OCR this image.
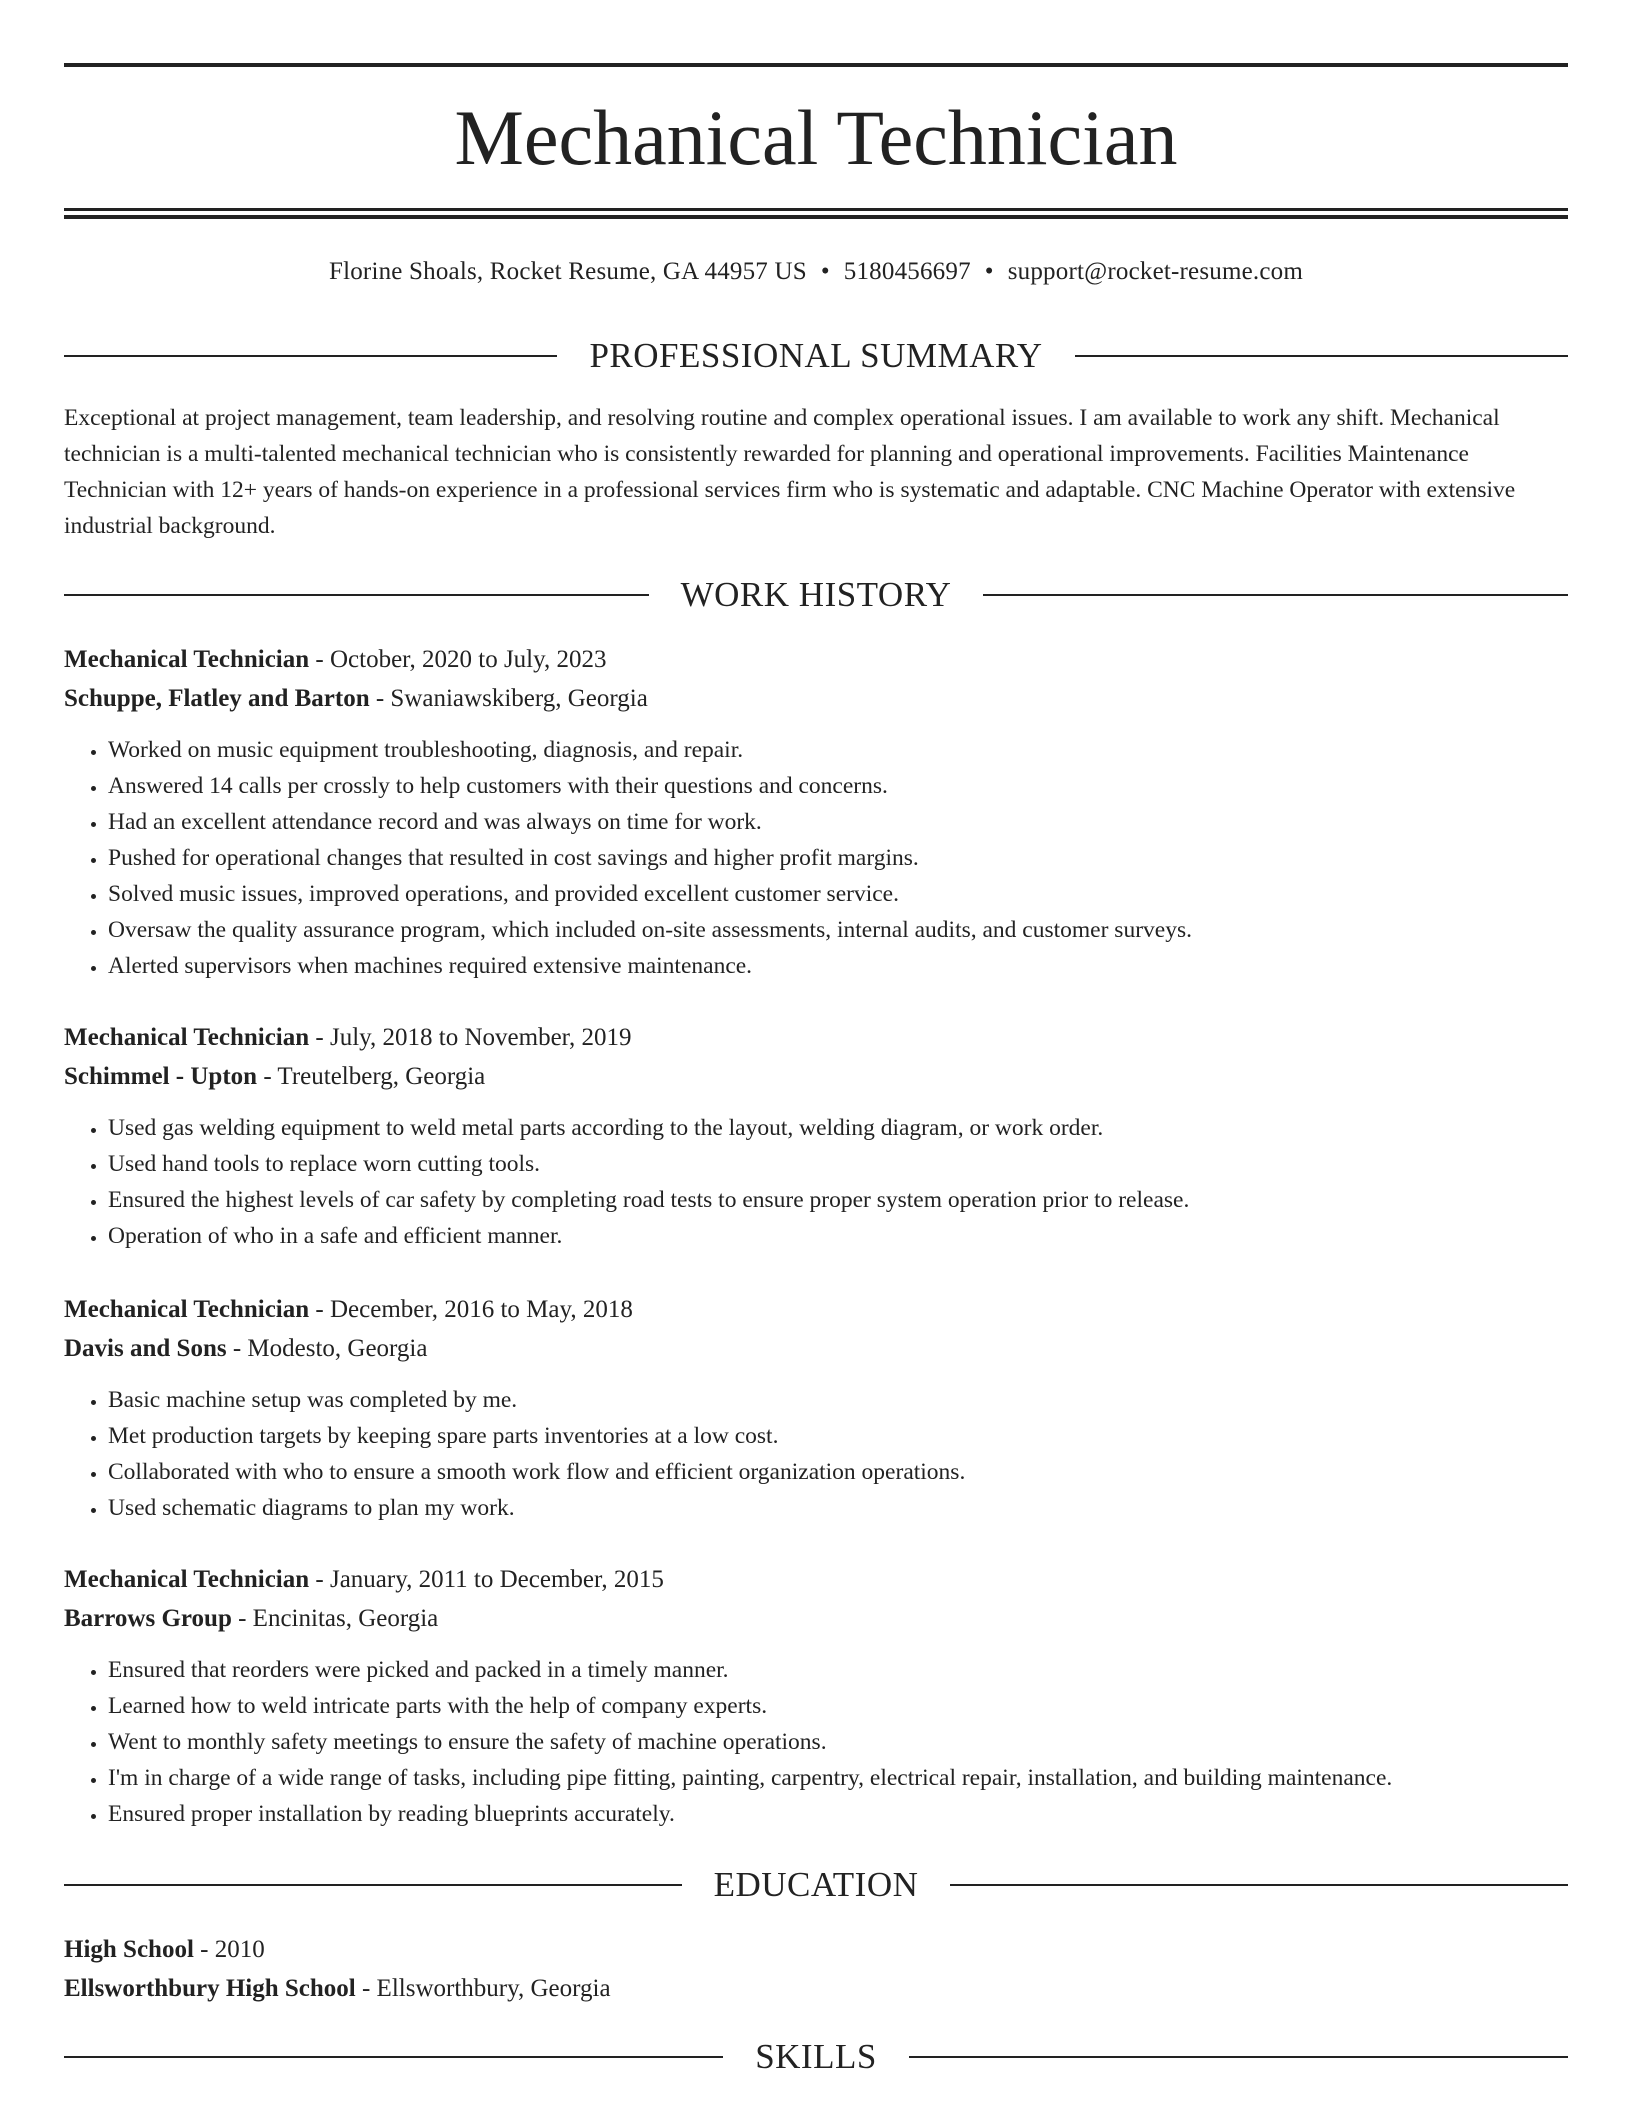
Mechanical Technician
Florine Shoals, Rocket Resume, GA 44957 US • 5180456697 • support@rocket-resume.com
PROFESSIONAL SUMMARY

Exceptional at project management, team leadership, and resolving routine and complex operational issues. I am available to work any shift. Mechanical technician is a multi-talented mechanical technician who is consistently rewarded for planning and operational improvements. Facilities Maintenance Technician with 12+ years of hands-on experience in a professional services firm who is systematic and adaptable. CNC Machine Operator with extensive industrial background.

WORK HISTORY
Mechanical Technician - October, 2020 to July, 2023
Schuppe, Flatley and Barton - Swaniawskiberg, Georgia
• Worked on music equipment troubleshooting, diagnosis, and repair.
• Answered 14 calls per crossly to help customers with their questions and concerns.
• Had an excellent attendance record and was always on time for work.
• Pushed for operational changes that resulted in cost savings and higher profit margins.
• Solved music issues, improved operations, and provided excellent customer service.
• Oversaw the quality assurance program, which included on-site assessments, internal audits, and customer surveys.
• Alerted supervisors when machines required extensive maintenance.
Mechanical Technician - July, 2018 to November, 2019
Schimmel - Upton - Treutelberg, Georgia
• Used gas welding equipment to weld metal parts according to the layout, welding diagram, or work order.
• Used hand tools to replace worn cutting tools.
• Ensured the highest levels of car safety by completing road tests to ensure proper system operation prior to release.
• Operation of who in a safe and efficient manner.
Mechanical Technician - December, 2016 to May, 2018
Davis and Sons - Modesto, Georgia
• Basic machine setup was completed by me.
• Met production targets by keeping spare parts inventories at a low cost.
• Collaborated with who to ensure a smooth work flow and efficient organization operations.
• Used schematic diagrams to plan my work.
Mechanical Technician - January, 2011 to December, 2015
Barrows Group - Encinitas, Georgia
• Ensured that reorders were picked and packed in a timely manner.
• Learned how to weld intricate parts with the help of company experts.
• Went to monthly safety meetings to ensure the safety of machine operations.
• I'm in charge of a wide range of tasks, including pipe fitting, painting, carpentry, electrical repair, installation, and building maintenance.
• Ensured proper installation by reading blueprints accurately.
EDUCATION
High School - 2010
Ellsworthbury High School - Ellsworthbury, Georgia
SKILLS
